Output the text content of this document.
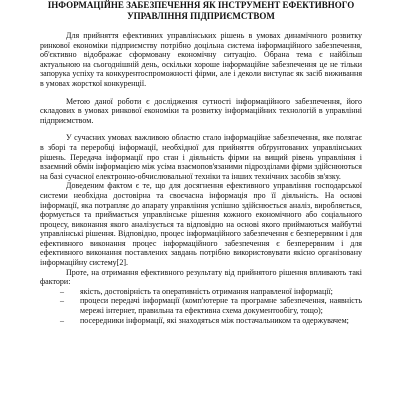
ІНФОРМАЦІЙНЕ ЗАБЕЗПЕЧЕННЯ ЯК ІНСТРУМЕНТ ЕФЕКТИВНОГО УПРАВЛІННЯ ПІДПРИЄМСТВОМ

Для прийняття ефективних управлінських рішень в умовах динамічного розвитку ринкової економіки підприємству потрібно доцільна система інформаційного забезпечення, об'єктивно відображає сформовану економічну ситуацію. Обрана тема є найбільш актуальною на сьогоднішній день, оскільки хороше інформаційне забезпечення це не тільки запорука успіху та конкурентоспроможності фірми, але і деколи виступає як засіб виживання в умовах жорсткої конкуренції.

Метою даної роботи є дослідження сутності інформаційного забезпечення, його складових в умовах ринкової економіки та розвитку інформаційних технологій в управлінні підприємством.

У сучасних умовах важливою областю стало інформаційне забезпечення, яке полягає в зборі та переробці інформації, необхідної для прийняття обґрунтованих управлінських рішень. Передача інформації про стан і діяльність фірми на вищий рівень управління і взаємний обмін інформацією між усіма взаємопов'язаними підрозділами фірми здійснюються на базі сучасної електронно-обчислювальної техніки та інших технічних засобів зв'язку.

Доведеним фактом є те, що для досягнення ефективного управління господарської системи необхідна достовірна та своєчасна інформація про її діяльність. На основі інформації, яка потрапляє до апарату управління успішно здійснюється аналіз, виробляється, формується та приймається управлінське рішення кожного економічного або соціального процесу, виконання якого аналізується та відповідно на основі якого приймаються майбутні управлінські рішення. Відповідно, процес інформаційного забезпечення є безперервним і для ефективного виконання процес інформаційного забезпечення є безперервним і для ефективного виконання поставлених завдань потрібно використовувати якісно організовану інформаційну систему[2].

Проте, на отримання ефективного результату від прийнятого рішення впливають такі фактори:

– якість, достовірність та оперативність отримання направленої інформації;
– процеси передачі інформації (комп'ютерне та програмне забезпечення, наявність мережі інтернет, правильна та ефективна схема документообігу, тощо);
– посередники інформації, які знаходяться між постачальником та одержувачем;
